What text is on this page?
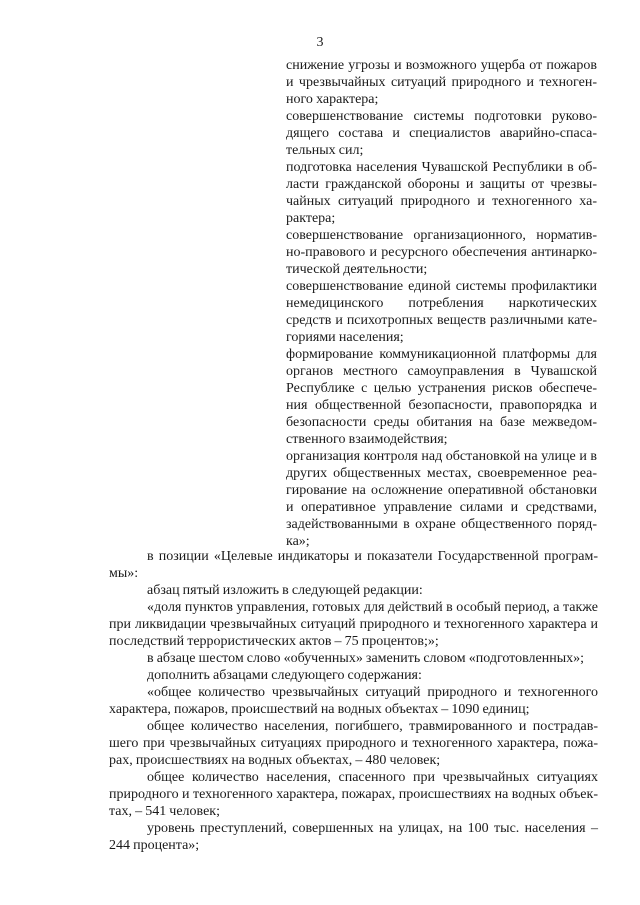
3

снижение угрозы и возможного ущерба от пожаров и чрезвычайных ситуаций природного и техногенного характера;

совершенствование системы подготовки руководящего состава и специалистов аварийно-спасательных сил;

подготовка населения Чувашской Республики в области гражданской обороны и защиты от чрезвычайных ситуаций природного и техногенного характера;

совершенствование организационного, нормативно-правового и ресурсного обеспечения антинаркотической деятельности;

совершенствование единой системы профилактики немедицинского потребления наркотических средств и психотропных веществ различными категориями населения;

формирование коммуникационной платформы для органов местного самоуправления в Чувашской Республике с целью устранения рисков обеспечения общественной безопасности, правопорядка и безопасности среды обитания на базе межведомственного взаимодействия;

организация контроля над обстановкой на улице и в других общественных местах, своевременное реагирование на осложнение оперативной обстановки и оперативное управление силами и средствами, задействованными в охране общественного порядка»;

в позиции «Целевые индикаторы и показатели Государственной программы»:

абзац пятый изложить в следующей редакции:

«доля пунктов управления, готовых для действий в особый период, а также при ликвидации чрезвычайных ситуаций природного и техногенного характера и последствий террористических актов – 75 процентов;»;

в абзаце шестом слово «обученных» заменить словом «подготовленных»;

дополнить абзацами следующего содержания:

«общее количество чрезвычайных ситуаций природного и техногенного характера, пожаров, происшествий на водных объектах – 1090 единиц;

общее количество населения, погибшего, травмированного и пострадавшего при чрезвычайных ситуациях природного и техногенного характера, пожарах, происшествиях на водных объектах, – 480 человек;

общее количество населения, спасенного при чрезвычайных ситуациях природного и техногенного характера, пожарах, происшествиях на водных объектах, – 541 человек;

уровень преступлений, совершенных на улицах, на 100 тыс. населения – 244 процента»;
